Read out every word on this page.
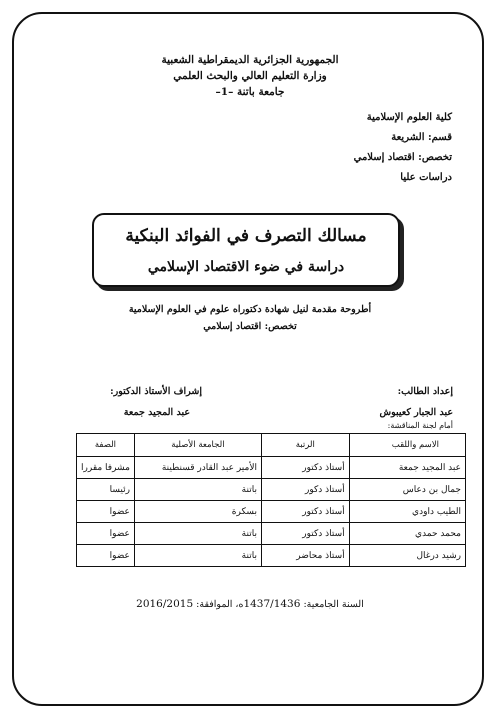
الجمهورية الجزائرية الديمقراطية الشعبية
وزارة التعليم العالي والبحث العلمي
جامعة باتنة –1–
كلية العلوم الإسلامية
قسم: الشريعة
تخصص: اقتصاد إسلامي
دراسات عليا
مسالك التصرف في الفوائد البنكية
دراسة في ضوء الاقتصاد الإسلامي
أطروحة مقدمة لنيل شهادة دكتوراه علوم في العلوم الإسلامية
تخصص: اقتصاد إسلامي
إعداد الطالب:
عبد الجبار كعيبوش
إشراف الأستاذ الدكتور:
عبد المجيد جمعة
أمام لجنة المناقشة:
الاسم واللقب	الرتبة	الجامعة الأصلية	الصفة
عبد المجيد جمعة	أستاذ دكتور	الأمير عبد القادر قسنطينة	مشرفا مقررا
جمال بن دعاس	أستاذ دكور	باتنة	رئيسا
الطيب داودي	أستاذ دكتور	بسكرة	عضوا
محمد حمدي	أستاذ دكتور	باتنة	عضوا
رشيد درغال	أستاذ محاضر	باتنة	عضوا
السنة الجامعية: 1437/1436ه، الموافقة: 2016/2015
